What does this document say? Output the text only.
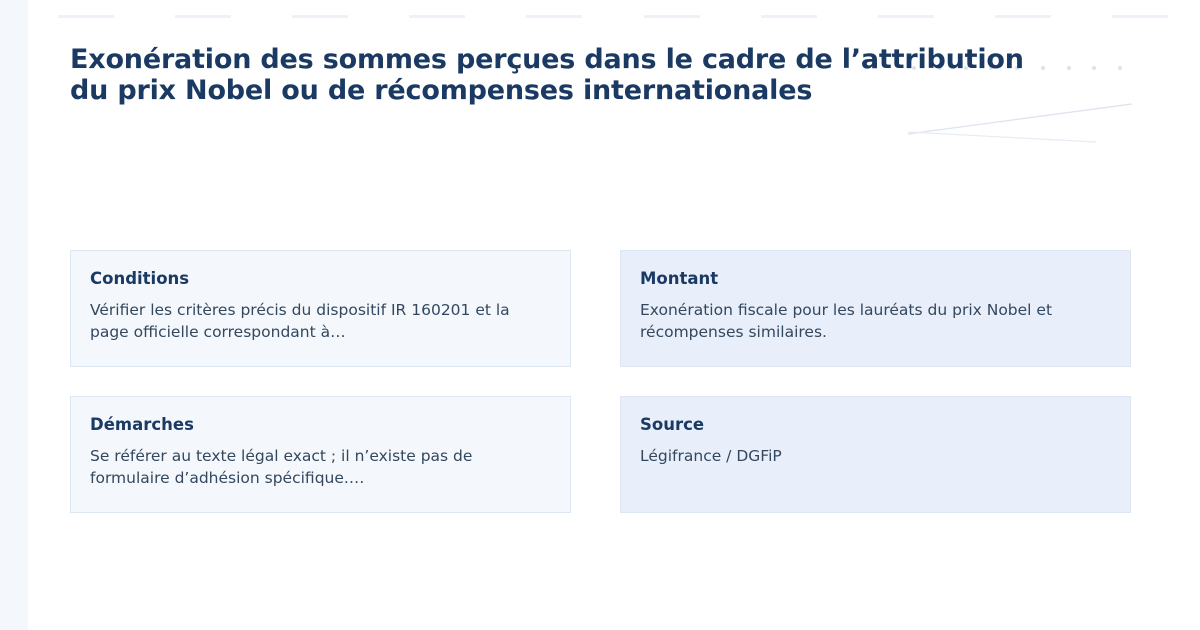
Exonération des sommes perçues dans le cadre de l’attribution du prix Nobel ou de récompenses internationales
Conditions

Vérifier les critères précis du dispositif IR 160201 et la page officielle correspondant à…

Montant

Exonération fiscale pour les lauréats du prix Nobel et récompenses similaires.

Démarches

Se référer au texte légal exact ; il n’existe pas de formulaire d’adhésion spécifique.…

Source

Légifrance / DGFiP
